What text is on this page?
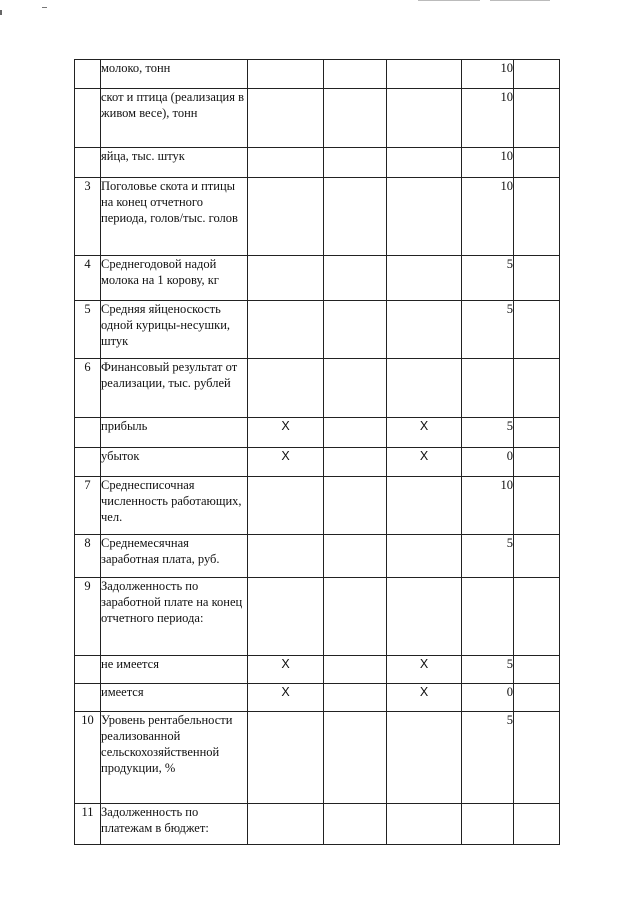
	молоко, тонн				10	
	скот и птица (реализация в живом весе), тонн				10	
	яйца, тыс. штук				10	
3	Поголовье скота и птицы на конец отчетного периода, голов/тыс. голов				10	
4	Среднегодовой надой молока на 1 корову, кг				5	
5	Средняя яйценоскость одной курицы-несушки, штук				5	
6	Финансовый результат от реализации, тыс. рублей					
	прибыль	X		X	5	
	убыток	X		X	0	
7	Среднесписочная численность работающих, чел.				10	
8	Среднемесячная заработная плата, руб.				5	
9	Задолженность по заработной плате на конец отчетного периода:					
	не имеется	X		X	5	
	имеется	X		X	0	
10	Уровень рентабельности реализованной сельскохозяйственной продукции, %				5	
11	Задолженность по платежам в бюджет:					
